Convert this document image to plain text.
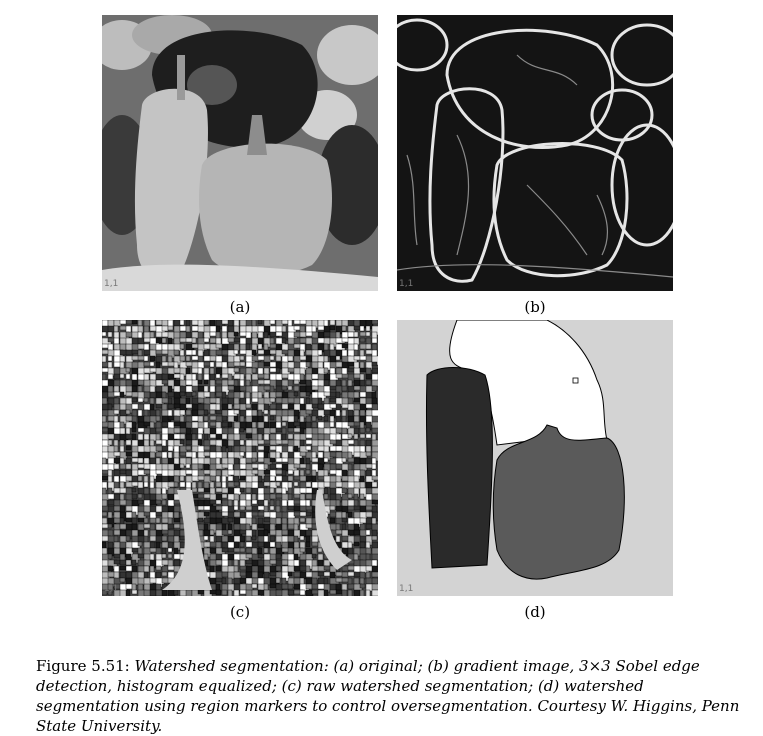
1,1
(a)
1,1
(b)
1,1
(c)
1,1
(d)
Figure 5.51: Watershed segmentation: (a) original; (b) gradient image, 3×3 Sobel edge detection, histogram equalized; (c) raw watershed segmentation; (d) watershed segmentation using region markers to control oversegmentation. Courtesy W. Higgins, Penn State University.
